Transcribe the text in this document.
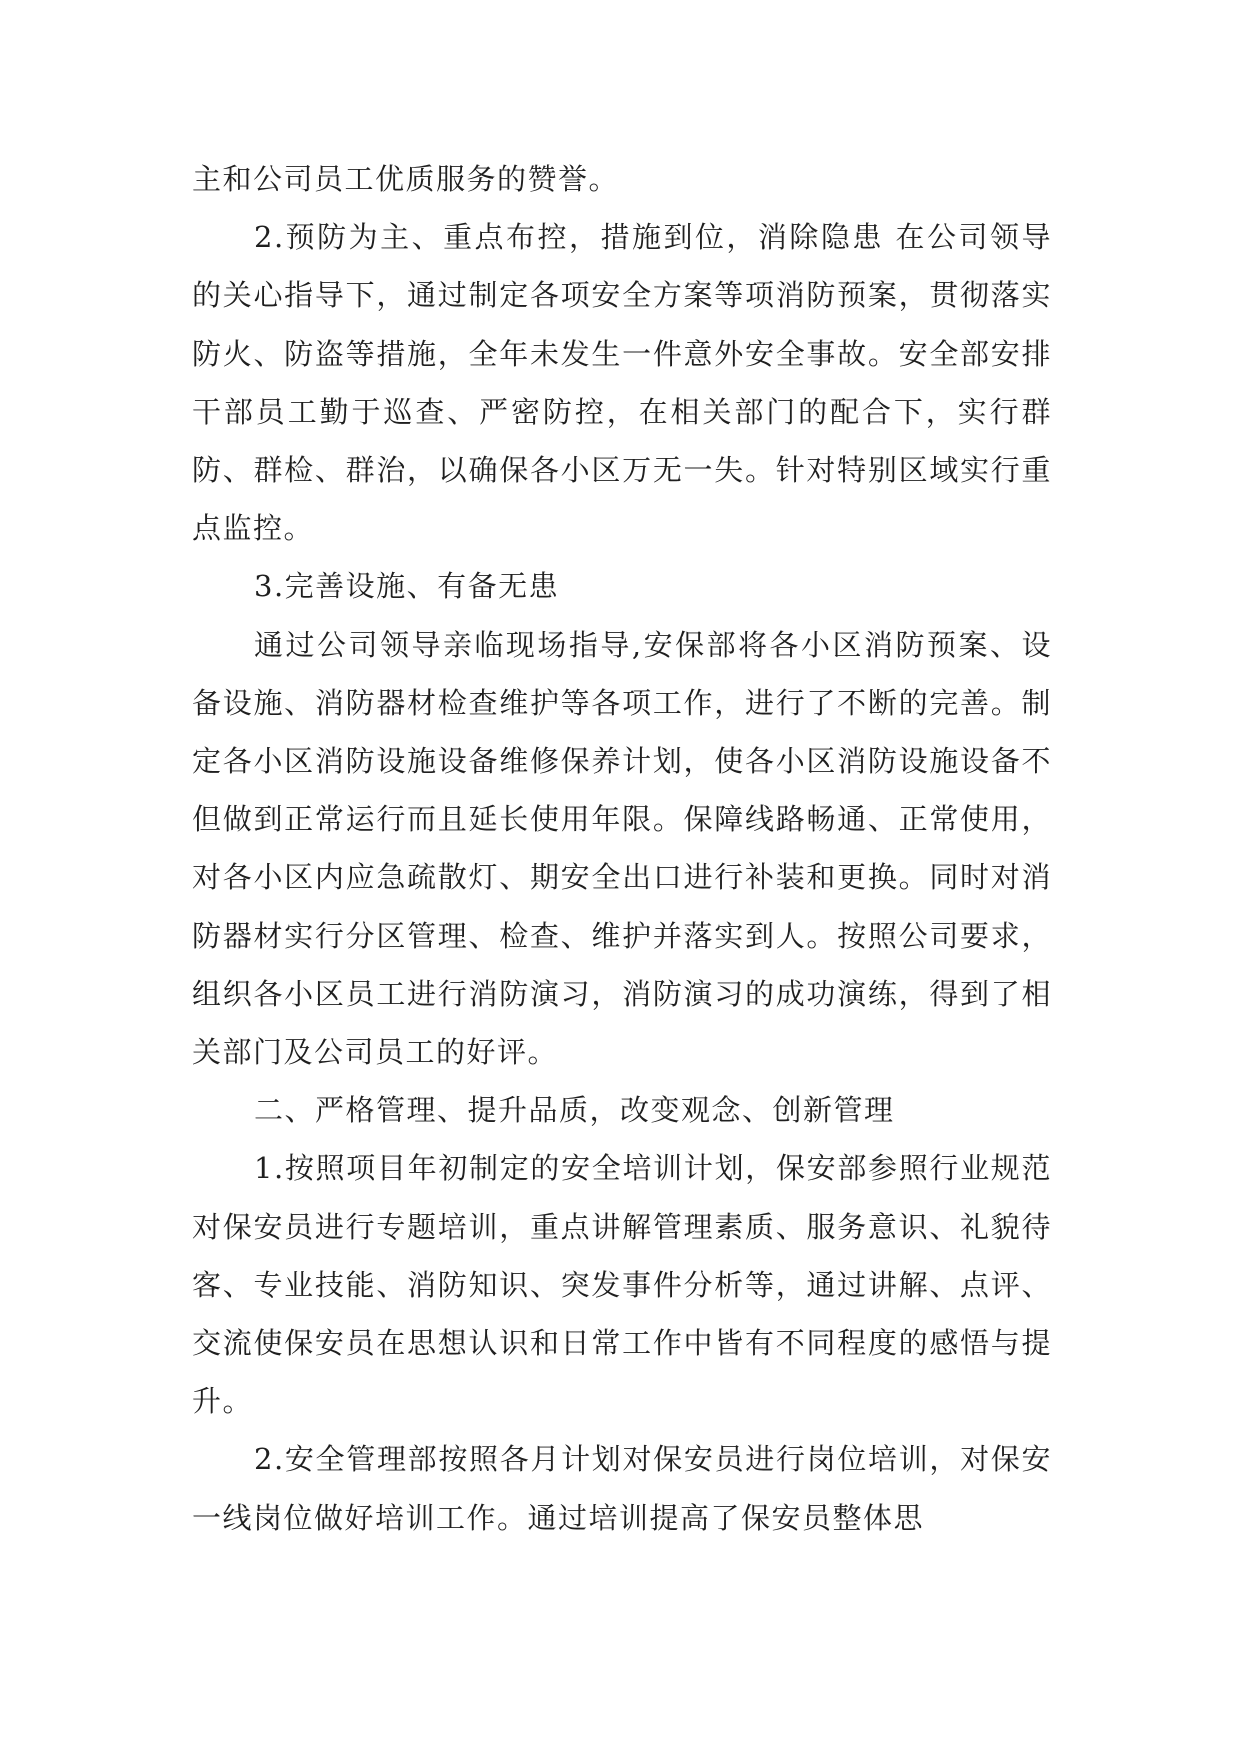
主和公司员工优质服务的赞誉。

2.预防为主、重点布控，措施到位，消除隐患 在公司领导的关心指导下，通过制定各项安全方案等项消防预案，贯彻落实防火、防盗等措施，全年未发生一件意外安全事故。安全部安排干部员工勤于巡查、严密防控，在相关部门的配合下，实行群防、群检、群治，以确保各小区万无一失。针对特别区域实行重点监控。

3.完善设施、有备无患

通过公司领导亲临现场指导,安保部将各小区消防预案、设备设施、消防器材检查维护等各项工作，进行了不断的完善。制定各小区消防设施设备维修保养计划，使各小区消防设施设备不但做到正常运行而且延长使用年限。保障线路畅通、正常使用，对各小区内应急疏散灯、期安全出口进行补装和更换。同时对消防器材实行分区管理、检查、维护并落实到人。按照公司要求，组织各小区员工进行消防演习，消防演习的成功演练，得到了相关部门及公司员工的好评。

二、严格管理、提升品质，改变观念、创新管理

1.按照项目年初制定的安全培训计划，保安部参照行业规范对保安员进行专题培训，重点讲解管理素质、服务意识、礼貌待客、专业技能、消防知识、突发事件分析等，通过讲解、点评、交流使保安员在思想认识和日常工作中皆有不同程度的感悟与提升。

2.安全管理部按照各月计划对保安员进行岗位培训，对保安一线岗位做好培训工作。通过培训提高了保安员整体思
